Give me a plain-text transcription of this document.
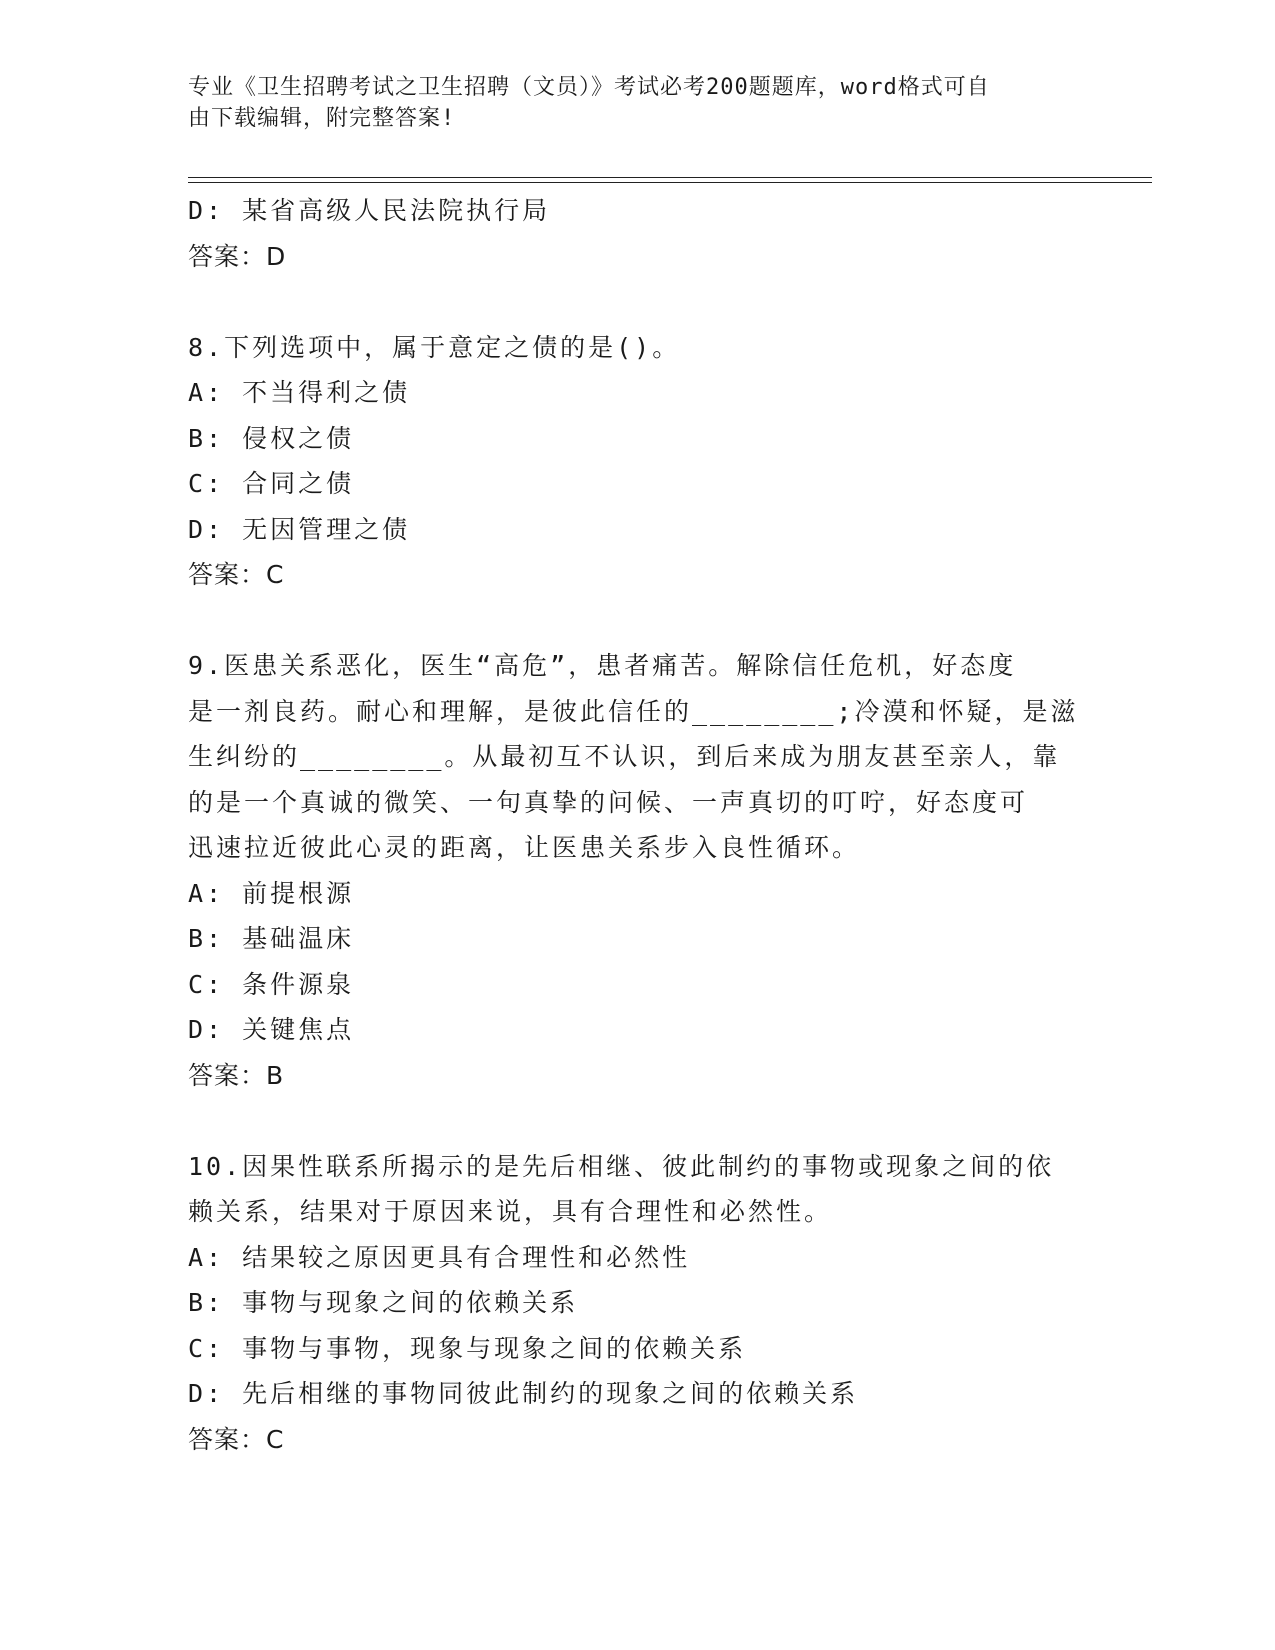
专业《卫生招聘考试之卫生招聘（文员）》考试必考200题题库，word格式可自
由下载编辑，附完整答案!
D: 某省高级人民法院执行局
答案：D
8.下列选项中，属于意定之债的是()。
A: 不当得利之债
B: 侵权之债
C: 合同之债
D: 无因管理之债
答案：C
9.医患关系恶化，医生“高危”，患者痛苦。解除信任危机，好态度
是一剂良药。耐心和理解，是彼此信任的________;冷漠和怀疑，是滋
生纠纷的________。从最初互不认识，到后来成为朋友甚至亲人，靠
的是一个真诚的微笑、一句真挚的问候、一声真切的叮咛，好态度可
迅速拉近彼此心灵的距离，让医患关系步入良性循环。
A: 前提根源
B: 基础温床
C: 条件源泉
D: 关键焦点
答案：B
10.因果性联系所揭示的是先后相继、彼此制约的事物或现象之间的依
赖关系，结果对于原因来说，具有合理性和必然性。
A: 结果较之原因更具有合理性和必然性
B: 事物与现象之间的依赖关系
C: 事物与事物，现象与现象之间的依赖关系
D: 先后相继的事物同彼此制约的现象之间的依赖关系
答案：C
